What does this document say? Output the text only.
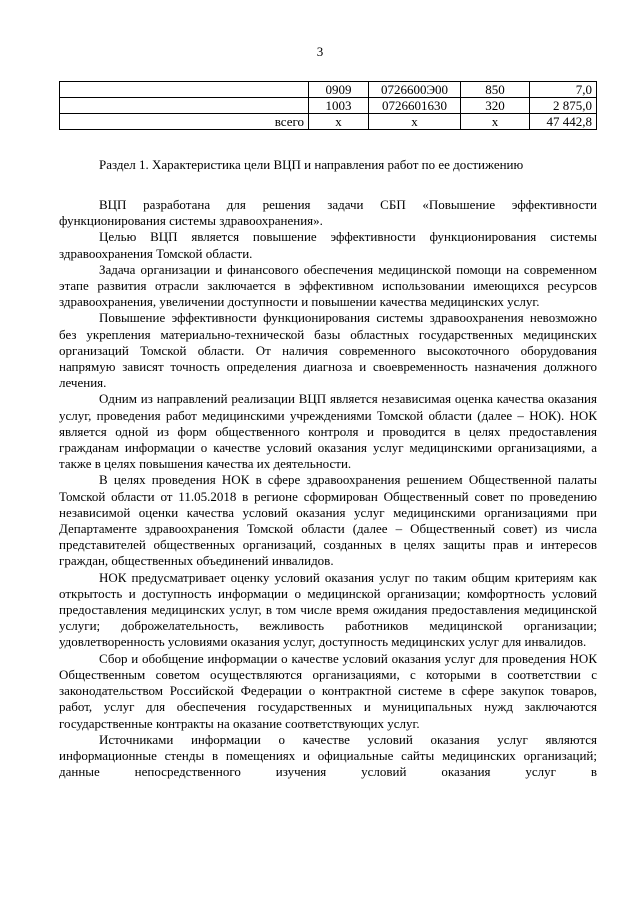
3
	0909	0726600Э00	850	7,0
	1003	0726601630	320	2 875,0
всего	х	х	х	47 442,8
Раздел 1. Характеристика цели ВЦП и направления работ по ее достижению

ВЦП разработана для решения задачи СБП «Повышение эффективности функционирования системы здравоохранения».

Целью ВЦП является повышение эффективности функционирования системы здравоохранения Томской области.

Задача организации и финансового обеспечения медицинской помощи на современном этапе развития отрасли заключается в эффективном использовании имеющихся ресурсов здравоохранения, увеличении доступности и повышении качества медицинских услуг.

Повышение эффективности функционирования системы здравоохранения невозможно без укрепления материально-технической базы областных государственных медицинских организаций Томской области. От наличия современного высокоточного оборудования напрямую зависят точность определения диагноза и своевременность назначения должного лечения.

Одним из направлений реализации ВЦП является независимая оценка качества оказания услуг, проведения работ медицинскими учреждениями Томской области (далее – НОК). НОК является одной из форм общественного контроля и проводится в целях предоставления гражданам информации о качестве условий оказания услуг медицинскими организациями, а также в целях повышения качества их деятельности.

В целях проведения НОК в сфере здравоохранения решением Общественной палаты Томской области от 11.05.2018 в регионе сформирован Общественный совет по проведению независимой оценки качества условий оказания услуг медицинскими организациями при Департаменте здравоохранения Томской области (далее – Общественный совет) из числа представителей общественных организаций, созданных в целях защиты прав и интересов граждан, общественных объединений инвалидов.

НОК предусматривает оценку условий оказания услуг по таким общим критериям как открытость и доступность информации о медицинской организации; комфортность условий предоставления медицинских услуг, в том числе время ожидания предоставления медицинской услуги; доброжелательность, вежливость работников медицинской организации; удовлетворенность условиями оказания услуг, доступность медицинских услуг для инвалидов.

Сбор и обобщение информации о качестве условий оказания услуг для проведения НОК Общественным советом осуществляются организациями, с которыми в соответствии с законодательством Российской Федерации о контрактной системе в сфере закупок товаров, работ, услуг для обеспечения государственных и муниципальных нужд заключаются государственные контракты на оказание соответствующих услуг.

Источниками информации о качестве условий оказания услуг являются информационные стенды в помещениях и официальные сайты медицинских организаций; данные непосредственного изучения условий оказания услуг в
